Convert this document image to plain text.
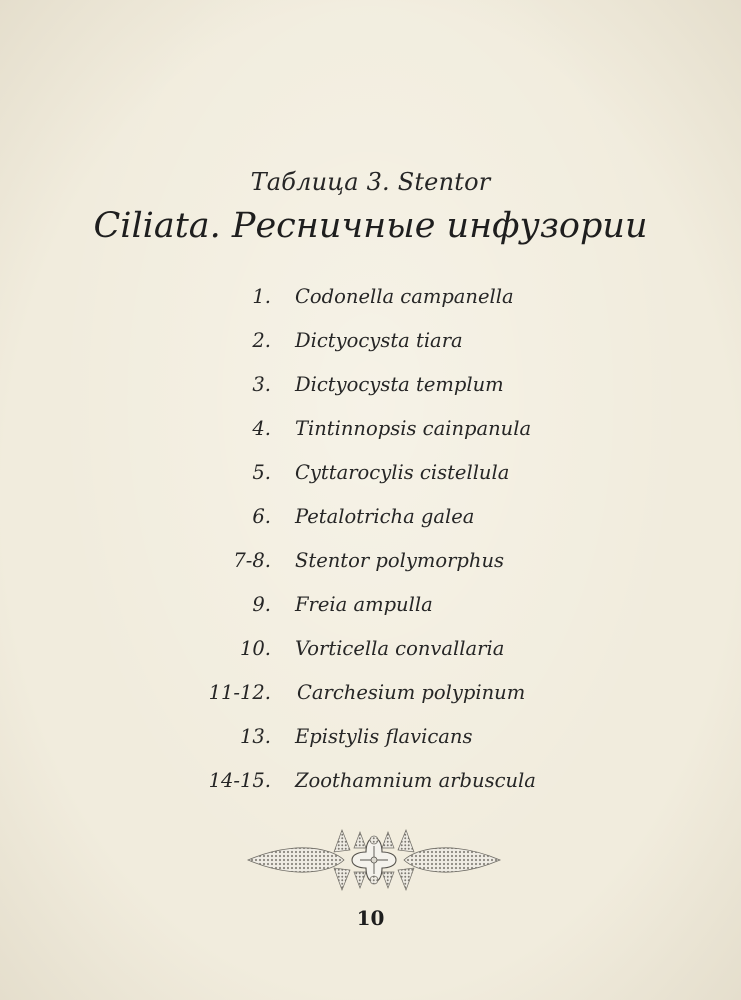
Таблица 3. Stentor
Ciliata. Ресничные инфузории
1. Codonella campanella
2. Dictyocysta tiara
3. Dictyocysta templum
4. Tintinnopsis cainpanula
5. Cyttarocylis cistellula
6. Petalotricha galea
7-8. Stentor polymorphus
9. Freia ampulla
10. Vorticella convallaria
11-12. Carchesium polypinum
13. Epistylis flavicans
14-15. Zoothamnium arbuscula
10
